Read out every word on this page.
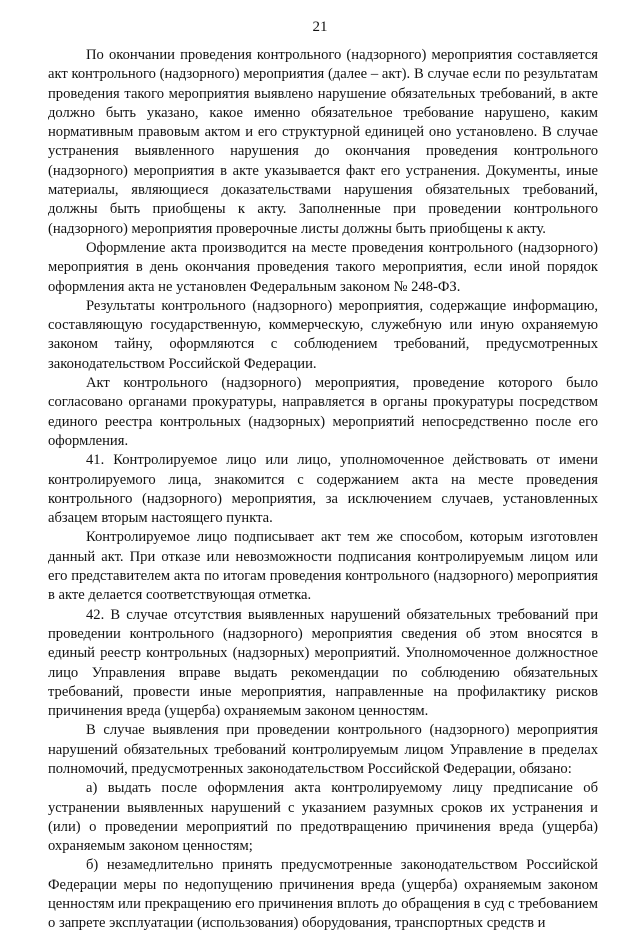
21

По окончании проведения контрольного (надзорного) мероприятия составляется акт контрольного (надзорного) мероприятия (далее – акт). В случае если по результатам проведения такого мероприятия выявлено нарушение обязательных требований, в акте должно быть указано, какое именно обязательное требование нарушено, каким нормативным правовым актом и его структурной единицей оно установлено. В случае устранения выявленного нарушения до окончания проведения контрольного (надзорного) мероприятия в акте указывается факт его устранения. Документы, иные материалы, являющиеся доказательствами нарушения обязательных требований, должны быть приобщены к акту. Заполненные при проведении контрольного (надзорного) мероприятия проверочные листы должны быть приобщены к акту.

Оформление акта производится на месте проведения контрольного (надзорного) мероприятия в день окончания проведения такого мероприятия, если иной порядок оформления акта не установлен Федеральным законом № 248-ФЗ.

Результаты контрольного (надзорного) мероприятия, содержащие информацию, составляющую государственную, коммерческую, служебную или иную охраняемую законом тайну, оформляются с соблюдением требований, предусмотренных законодательством Российской Федерации.

Акт контрольного (надзорного) мероприятия, проведение которого было согласовано органами прокуратуры, направляется в органы прокуратуры посредством единого реестра контрольных (надзорных) мероприятий непосредственно после его оформления.

41. Контролируемое лицо или лицо, уполномоченное действовать от имени контролируемого лица, знакомится с содержанием акта на месте проведения контрольного (надзорного) мероприятия, за исключением случаев, установленных абзацем вторым настоящего пункта.

Контролируемое лицо подписывает акт тем же способом, которым изготовлен данный акт. При отказе или невозможности подписания контролируемым лицом или его представителем акта по итогам проведения контрольного (надзорного) мероприятия в акте делается соответствующая отметка.

42. В случае отсутствия выявленных нарушений обязательных требований при проведении контрольного (надзорного) мероприятия сведения об этом вносятся в единый реестр контрольных (надзорных) мероприятий. Уполномоченное должностное лицо Управления вправе выдать рекомендации по соблюдению обязательных требований, провести иные мероприятия, направленные на профилактику рисков причинения вреда (ущерба) охраняемым законом ценностям.

В случае выявления при проведении контрольного (надзорного) мероприятия нарушений обязательных требований контролируемым лицом Управление в пределах полномочий, предусмотренных законодательством Российской Федерации, обязано:

а) выдать после оформления акта контролируемому лицу предписание об устранении выявленных нарушений с указанием разумных сроков их устранения и (или) о проведении мероприятий по предотвращению причинения вреда (ущерба) охраняемым законом ценностям;

б) незамедлительно принять предусмотренные законодательством Российской Федерации меры по недопущению причинения вреда (ущерба) охраняемым законом ценностям или прекращению его причинения вплоть до обращения в суд с требованием о запрете эксплуатации (использования) оборудования, транспортных средств и
